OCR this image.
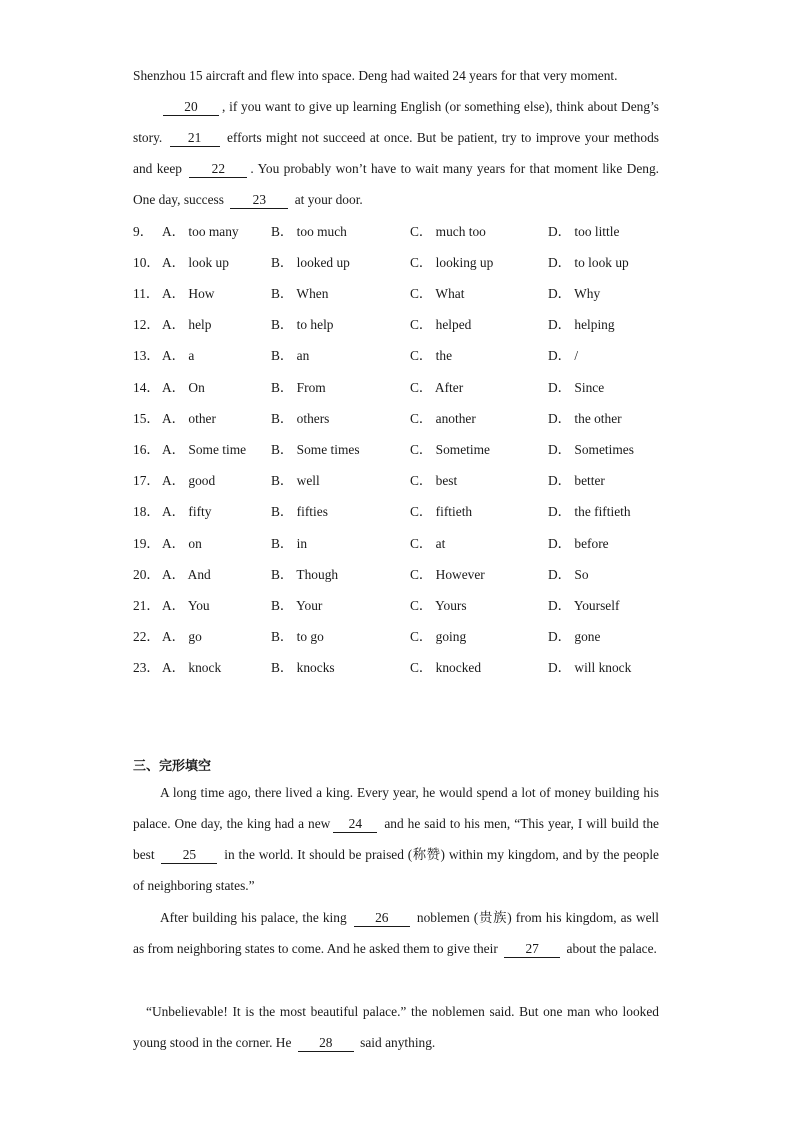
Shenzhou 15 aircraft and flew into space. Deng had waited 24 years for that very moment.
20 , if you want to give up learning English (or something else), think about Deng’s story. 21 efforts might not succeed at once. But be patient, try to improve your methods and keep 22 . You probably won’t have to wait many years for that moment like Deng. One day, success 23 at your door.
9． A． too many B． too much	C． much too	D． too little
10． A． look up	B． looked up	C． looking up	D． to look up
11． A． How	B． When	C． What	D． Why
12． A． help	B． to help	C． helped	D． helping
13． A． a	B． an	C． the	D． /
14． A． On	B． From	C． After	D． Since
15． A． other	B． others	C． another	D． the other
16． A． Some time B． Some times	C． Sometime	D． Sometimes
17． A． good	B． well	C． best	D． better
18． A． fifty	B． fifties	C． fiftieth	D． the fiftieth
19． A． on	B． in	C． at	D． before
20． A． And	B． Though	C． However	D． So
21． A． You	B． Your	C． Yours	D． Yourself
22． A． go	B． to go	C． going	D． gone
23． A． knock	B． knocks	C． knocked	D． will knock
三、完形填空
A long time ago, there lived a king. Every year, he would spend a lot of money building his palace. One day, the king had a new 24 and he said to his men, “This year, I will build the best 25 in the world. It should be praised (称赞) within my kingdom, and by the people of neighboring states.”
After building his palace, the king 26 noblemen (贵族) from his kingdom, as well as from neighboring states to come. And he asked them to give their 27 about the palace.
“Unbelievable! It is the most beautiful palace.” the noblemen said. But one man who looked young stood in the corner. He 28 said anything.
